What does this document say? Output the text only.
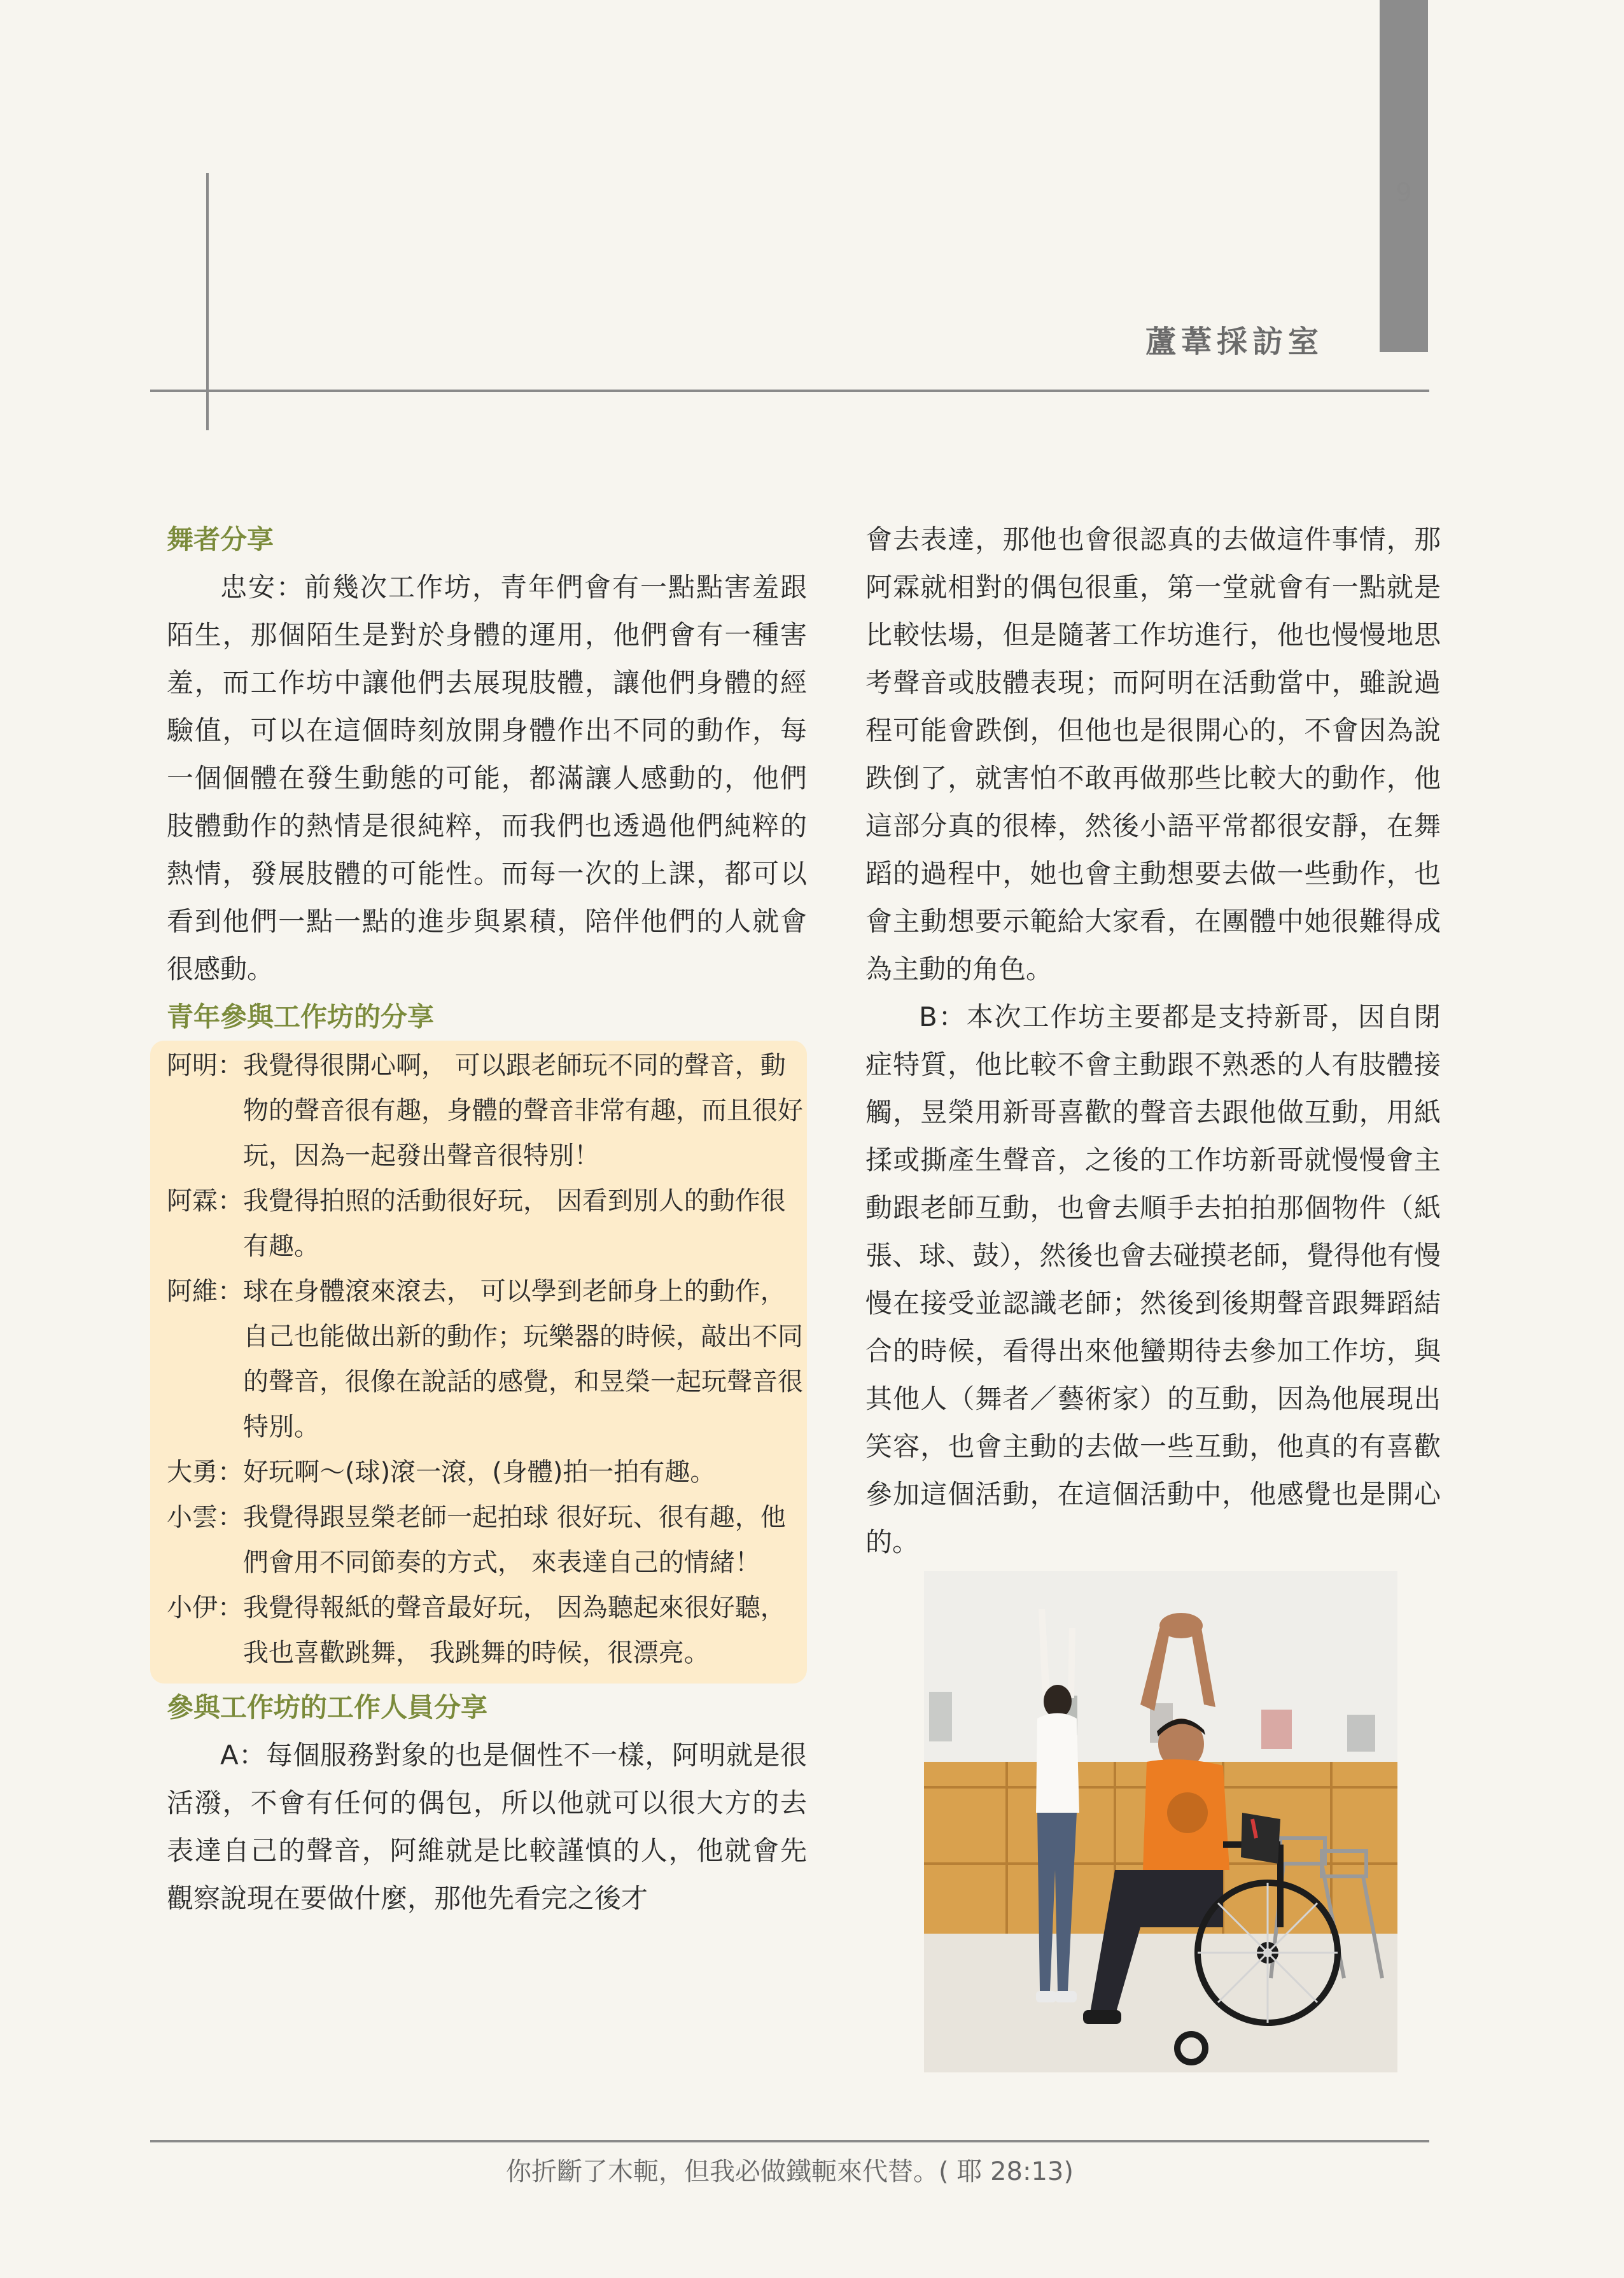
9
蘆葦採訪室
舞者分享

忠安：前幾次工作坊，青年們會有一點點害羞跟陌生，那個陌生是對於身體的運用，他們會有一種害羞，而工作坊中讓他們去展現肢體，讓他們身體的經驗值，可以在這個時刻放開身體作出不同的動作，每一個個體在發生動態的可能，都滿讓人感動的，他們肢體動作的熱情是很純粹，而我們也透過他們純粹的熱情，發展肢體的可能性。而每一次的上課，都可以看到他們一點一點的進步與累積，陪伴他們的人就會很感動。

青年參與工作坊的分享
阿明： 我覺得很開心啊， 可以跟老師玩不同的聲音，動物的聲音很有趣，身體的聲音非常有趣，而且很好玩，因為一起發出聲音很特別！

阿霖： 我覺得拍照的活動很好玩， 因看到別人的動作很有趣。

阿維： 球在身體滾來滾去， 可以學到老師身上的動作，自己也能做出新的動作；玩樂器的時候，敲出不同的聲音，很像在說話的感覺，和昱榮一起玩聲音很特別。

大勇： 好玩啊～(球)滾一滾，(身體)拍一拍有趣。

小雲： 我覺得跟昱榮老師一起拍球 很好玩、很有趣，他們會用不同節奏的方式， 來表達自己的情緒！

小伊： 我覺得報紙的聲音最好玩， 因為聽起來很好聽， 我也喜歡跳舞， 我跳舞的時候，很漂亮。

參與工作坊的工作人員分享

A：每個服務對象的也是個性不一樣，阿明就是很活潑，不會有任何的偶包，所以他就可以很大方的去表達自己的聲音，阿維就是比較謹慎的人，他就會先觀察說現在要做什麼，那他先看完之後才

會去表達，那他也會很認真的去做這件事情，那阿霖就相對的偶包很重，第一堂就會有一點就是比較怯場，但是隨著工作坊進行，他也慢慢地思考聲音或肢體表現；而阿明在活動當中，雖說過程可能會跌倒，但他也是很開心的，不會因為說跌倒了，就害怕不敢再做那些比較大的動作，他這部分真的很棒，然後小語平常都很安靜，在舞蹈的過程中，她也會主動想要去做一些動作，也會主動想要示範給大家看，在團體中她很難得成為主動的角色。

B：本次工作坊主要都是支持新哥，因自閉症特質，他比較不會主動跟不熟悉的人有肢體接觸，昱榮用新哥喜歡的聲音去跟他做互動，用紙揉或撕產生聲音，之後的工作坊新哥就慢慢會主動跟老師互動，也會去順手去拍拍那個物件（紙張、球、鼓），然後也會去碰摸老師，覺得他有慢慢在接受並認識老師；然後到後期聲音跟舞蹈結合的時候，看得出來他蠻期待去參加工作坊，與其他人（舞者／藝術家）的互動，因為他展現出笑容，也會主動的去做一些互動，他真的有喜歡參加這個活動，在這個活動中，他感覺也是開心的。

你折斷了木軛，但我必做鐵軛來代替。( 耶 28:13)
